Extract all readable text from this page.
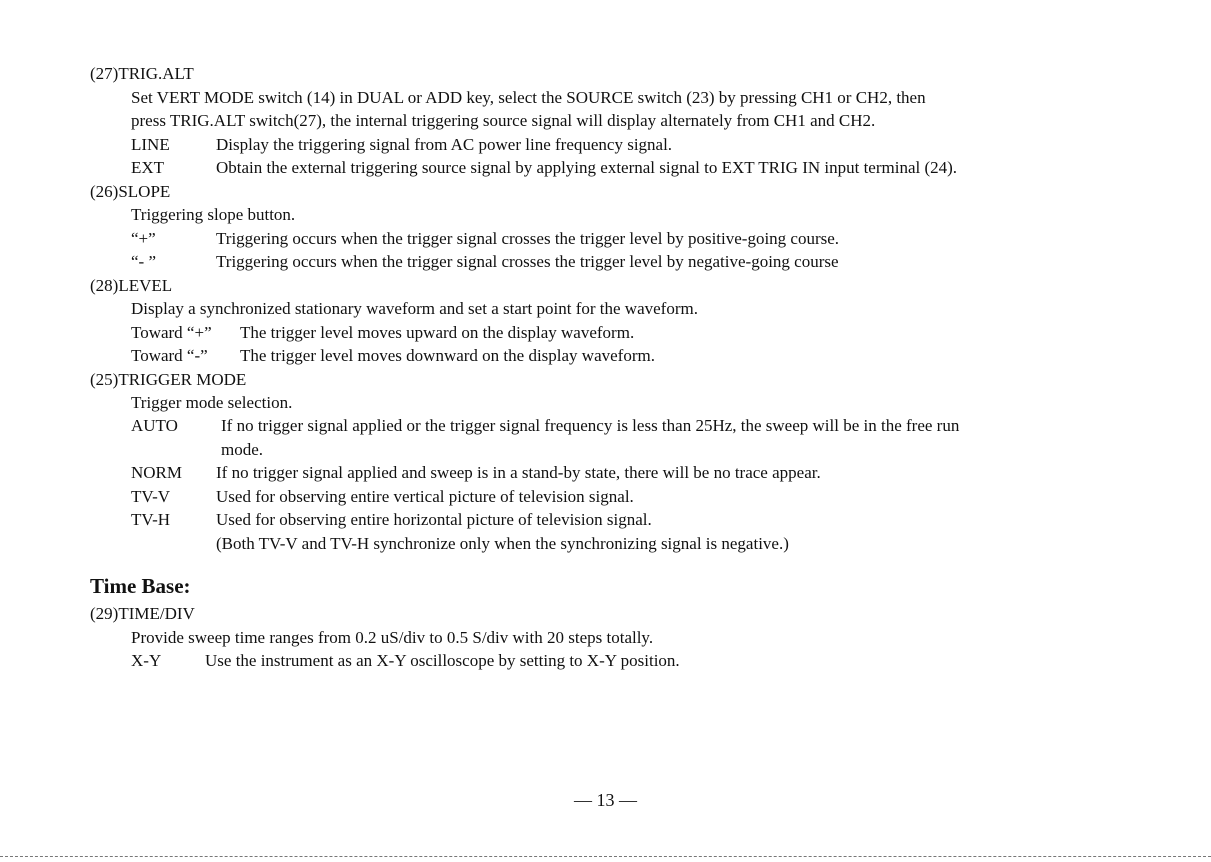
(27)TRIG.ALT
Set VERT MODE switch (14) in DUAL or ADD key, select the SOURCE switch (23) by pressing CH1 or CH2, then
press TRIG.ALT switch(27), the internal triggering source signal will display alternately from CH1 and CH2.
LINE	Display the triggering signal from AC power line frequency signal.
EXT	Obtain the external triggering source signal by applying external signal to EXT TRIG IN input terminal (24).
(26)SLOPE
Triggering slope button.
“+”	Triggering occurs when the trigger signal crosses the trigger level by positive-going course.
“- ”	Triggering occurs when the trigger signal crosses the trigger level by negative-going course
(28)LEVEL
Display a synchronized stationary waveform and set a start point for the waveform.
Toward “+” The trigger level moves upward on the display waveform.
Toward “-” The trigger level moves downward on the display waveform.
(25)TRIGGER MODE
Trigger mode selection.
AUTO	If no trigger signal applied or the trigger signal frequency is less than 25Hz, the sweep will be in the free run
mode.
NORM If no trigger signal applied and sweep is in a stand-by state, there will be no trace appear.
TV-V	Used for observing entire vertical picture of television signal.
TV-H	Used for observing entire horizontal picture of television signal.
(Both TV-V and TV-H synchronize only when the synchronizing signal is negative.)
Time Base:
(29)TIME/DIV
Provide sweep time ranges from 0.2 uS/div to 0.5 S/div with 20 steps totally.
X-Y	Use the instrument as an X-Y oscilloscope by setting to X-Y position.
— 13 —
